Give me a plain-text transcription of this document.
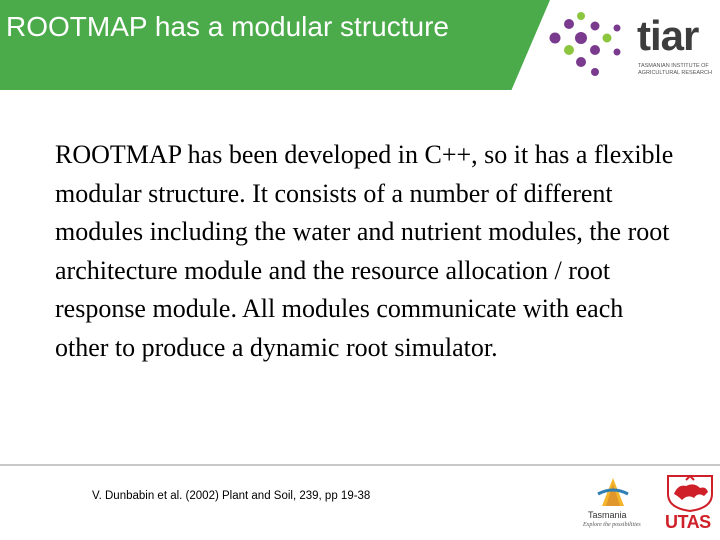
ROOTMAP has a modular structure	tiar
TASMANIAN INSTITUTE OF AGRICULTURAL RESEARCH

ROOTMAP has been developed in C++, so it has a flexible modular structure. It consists of a number of different modules including the water and nutrient modules, the root architecture module and the resource allocation / root response module. All modules communicate with each other to produce a dynamic root simulator.

V. Dunbabin et al. (2002) Plant and Soil, 239, pp 19-38
Tasmania
Explore the possibilities UTAS
